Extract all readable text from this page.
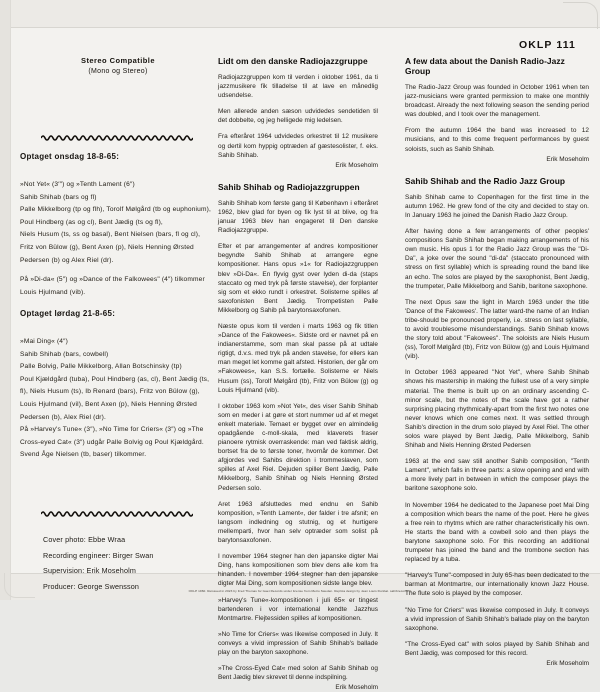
OKLP 111
Stereo Compatible
(Mono og Stereo)
Optaget onsdag 18-8-65:

»Not Yet« (3′″) og »Tenth Lament (6″)

Sahib Shihab (bars og fl)

Palle Mikkelborg (tp og flh), Torolf Mølgård (tb og euphonium), Poul Hindberg (as og cl), Bent Jædig (ts og fl),

Niels Husum (ts, ss og basal), Bent Nielsen (bars, fl og cl),

Fritz von Bülow (g), Bent Axen (p), Niels Henning Ørsted Pedersen (b) og Alex Riel (dr).

På »Di-da« (5″) og »Dance of the Falkowees" (4″) tilkommer Louis Hjulmand (vib).

Optaget lørdag 21-8-65:

»Mai Ding« (4″)

Sahib Shihab (bars, cowbell)

Palle Bolvig, Palle Mikkelborg, Allan Botschinsky (tp)

Poul Kjældgård (tuba), Poul Hindberg (as, cl), Bent Jædig (ts, fl), Niels Husum (ts), Ib Renard (bars), Fritz von Bülow (g), Louis Hjulmand (vil), Bent Axen (p), Niels Henning Ørsted Pedersen (b), Alex Riel (dr).

På »Harvey's Tune« (3″), »No Time for Criers« (3″) og »The Cross-eyed Cat« (3″) udgår Palle Bolvig og Poul Kjældgård. Svend Åge Nielsen (tb, baser) tilkommer.

Cover photo: Ebbe Wraa

Recording engineer: Birger Swan

Supervision: Erik Moseholm

Producer: George Swensson

Lidt om den danske Radiojazzgruppe

Radiojazzgruppen kom til verden i oktober 1961, da ti jazzmusikere fik tilladelse til at lave en månedlig udsendelse.

Men allerede anden sæson udvidedes sendetiden til det dobbelte, og jeg helligede mig ledelsen.

Fra efteråret 1964 udvidedes orkestret til 12 musikere og dertil kom hyppig optræden af gæstesolister, f. eks. Sahib Shihab.

Erik Moseholm

Sahib Shihab og Radiojazzgruppen

Sahib Shihab kom første gang til København i efteråret 1962, blev glad for byen og fik lyst til at blive, og fra januar 1963 blev han engageret til Den danske Radiojazzgruppe.

Efter et par arrangementer af andres kompositioner begyndte Sahib Shihab at arrangere egne kompositioner. Hans opus »1« for Radiojazzgruppen blev »Di-Da«. En flyvig gyst over lyden di-da (staps staccato og med tryk på første stavelse), der forplanter sig som et ekko rundt i orkestret. Solisterne spilles af saxofonisten Bent Jædig. Trompetisten Palle Mikkelborg og Sahib på barytonsaxofonen.

Næste opus kom til verden i marts 1963 og fik titlen »Dance of the Fakowees«. Sidste ord er navnet på en indianerstamme, som man skal passe på at udtale rigtigt, d.v.s. med tryk på anden stavelse, for ellers kan man meget let komme galt afsted. Historien, der går om »Fakowees«, kan S.S. fortælle. Solisterne er Niels Husum (ss), Torolf Mølgård (tb), Fritz von Bülow (g) og Louis Hjulmand (vib).

I oktober 1963 kom »Not Yet«, des viser Sahib Shihab som en meder i at gøre et stort nummer ud af et meget enkelt materiale. Temaet er bygget over en almindelig opadgående c-moll-skala, med klaverets fraser pianoere rytmisk overraskende: man ved faktisk aldrig, bortset fra de to første toner, hvornår de kommer. Det afgjordes ved Sahibs direktion i trommeslaven, som spilles af Axel Riel. Dejuden spiller Bent Jædig, Palle Mikkelborg, Sahib Shihab og Niels Henning Ørsted Pedersen solo.

Aret 1963 afsluttedes med endnu en Sahib komposition, »Tenth Lament«, der falder i tre afsnit; en langsom indledning og stutnig, og et hurtigere mellemparti, hvor han selv optræder som solist på barytonsaxofonen.

I november 1964 stegner han den japanske digter Mai Ding, hans kompositionen som blev dens alle kom fra hinanden. I november 1964 stegner han den japanske digter Mai Ding, som kompositionen sidste lange blev.

»Harvey's Tune«-kompositionen i juli 65« er tingest bartenderen i vor international kendte Jazzhus Montmartre. Flejtessiden spilles af kompositionen.

»No Time for Criers« was likewise composed in July. It conveys a vivid impression of Sahib Shihab's ballade play on the baryton saxophone.

»The Cross-Eyed Cat« med solon af Sahib Shihab og Bent Jædig blev skrevet til denne indspilning.

Erik Moseholm

A few data about the Danish Radio-Jazz Group

The Radio-Jazz Group was founded in October 1961 when ten jazz-musicians were granted permission to make one monthly broadcast. Already the next following season the sending period was doubled, and I took over the management.

From the autumn 1964 the band was increased to 12 musicians, and to this come frequent performances by guest soloists, such as Sahib Shihab.

Erik Moseholm

Sahib Shihab and the Radio Jazz Group

Sahib Shihab came to Copenhagen for the first time in the autumn 1962. He grew fond of the city and decided to stay on. In January 1963 he joined the Danish Radio Jazz Group.

After having done a few arrangements of other peoples' compositions Sahib Shihab began making arrangements of his own music. His opus 1 for the Radio Jazz Group was the "Di-Da", a joke over the sound "di-da" (staccato pronounced with stress on first syllable) which is spreading round the band like an echo. The solos are played by the saxophonist, Bent Jædig, the trumpeter, Palle Mikkelborg and Sahib, baritone saxophone.

The next Opus saw the light in March 1963 under the title 'Dance of the Fakowees'. The latter ward-the name of an Indian tribe-should be pronounced properly, i.e. stress on last syllable, to avoid troublesome misunderstandings. Sahib Shihab knows the story told about "Fakowees". The soloists are Niels Husum (ss), Torolf Mølgård (tb), Fritz von Bülow (g) and Louis Hjulmand (vib).

In October 1963 appeared "Not Yet", where Sahib Shihab shows his mastership in making the fullest use of a very simple material. The theme is built up on an ordinary ascending C-minor scale, but the notes of the scale have got a rather surprising placing rhythmically-apart from the first two notes one never knows which one comes next. It was settled through Sahib's direction in the drum solo played by Axel Riel. The other solos ware played by Bent Jædig, Palle Mikkelborg, Sahib Shihab and Niels Henning Ørsted Pedersen

1963 at the end saw still another Sahib composition, "Tenth Lament", which falls in three parts: a slow opening and end with a more lively part in between in which the composer plays the baritone saxophone solo.

In November 1964 he dedicated to the Japanese poet Mai Ding a composition which bears the name of the poet. Here he gives a free rein to rhytms which are rather characteristically his own. He starts the band with a cowbell solo and then plays the barytone saxophone solo. For this recording an additional trumpeter has joined the band and the trombone section has replaced by a tuba.

"Harvey's Tune"-composed in July 65-has been dedicated to the barman at Montmartre, our internationally known Jazz House. The flute solo is played by the composer.

"No Time for Criers" was likewise composed in July. It conveys a vivid impression of Sahib Shihab's ballade play on the baryton saxophone.

"The Cross-Eyed cat" with solos played by Sahib Shihab and Bent Jædig, was composed for this record.

Erik Moseholm

OKLP 1960. Reissued in 2023 by Fred Thomas for Gaet Records under license from Metro Sweden. Replica design by Jean Louis Dunbat. sahibrecords.it
